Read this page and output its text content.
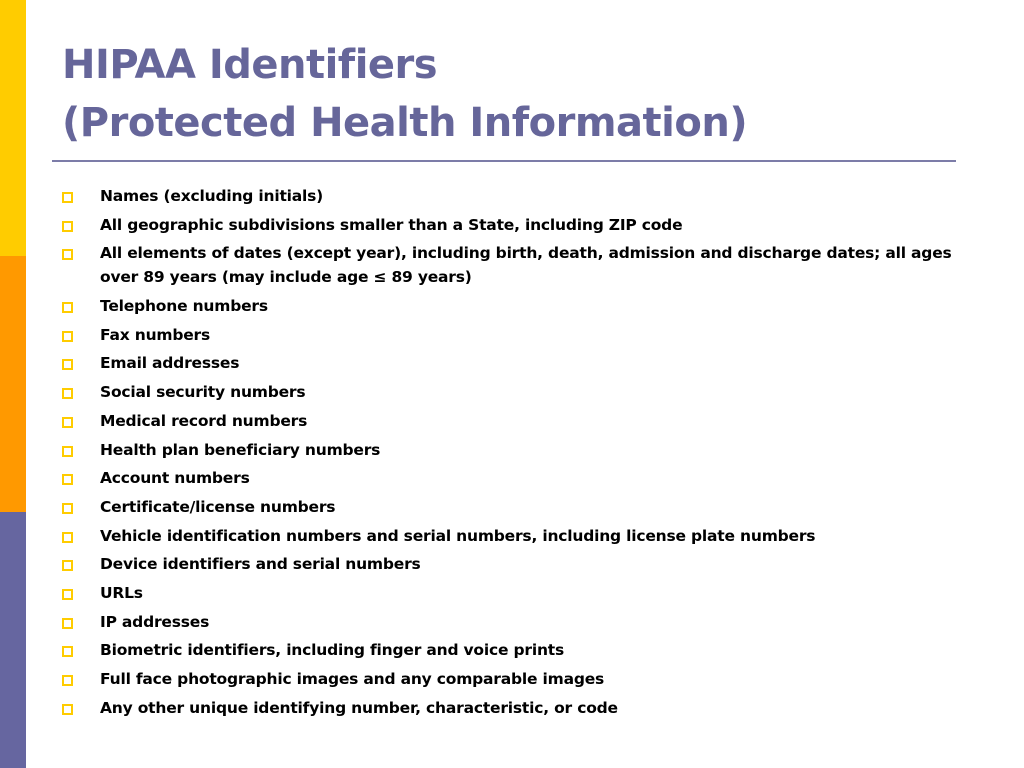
HIPAA Identifiers
(Protected Health Information)
Names (excluding initials)
All geographic subdivisions smaller than a State, including ZIP code
All elements of dates (except year), including birth, death, admission and discharge dates; all ages over 89 years (may include age ≤ 89 years)
Telephone numbers
Fax numbers
Email addresses
Social security numbers
Medical record numbers
Health plan beneficiary numbers
Account numbers
Certificate/license numbers
Vehicle identification numbers and serial numbers, including license plate numbers
Device identifiers and serial numbers
URLs
IP addresses
Biometric identifiers, including finger and voice prints
Full face photographic images and any comparable images
Any other unique identifying number, characteristic, or code
